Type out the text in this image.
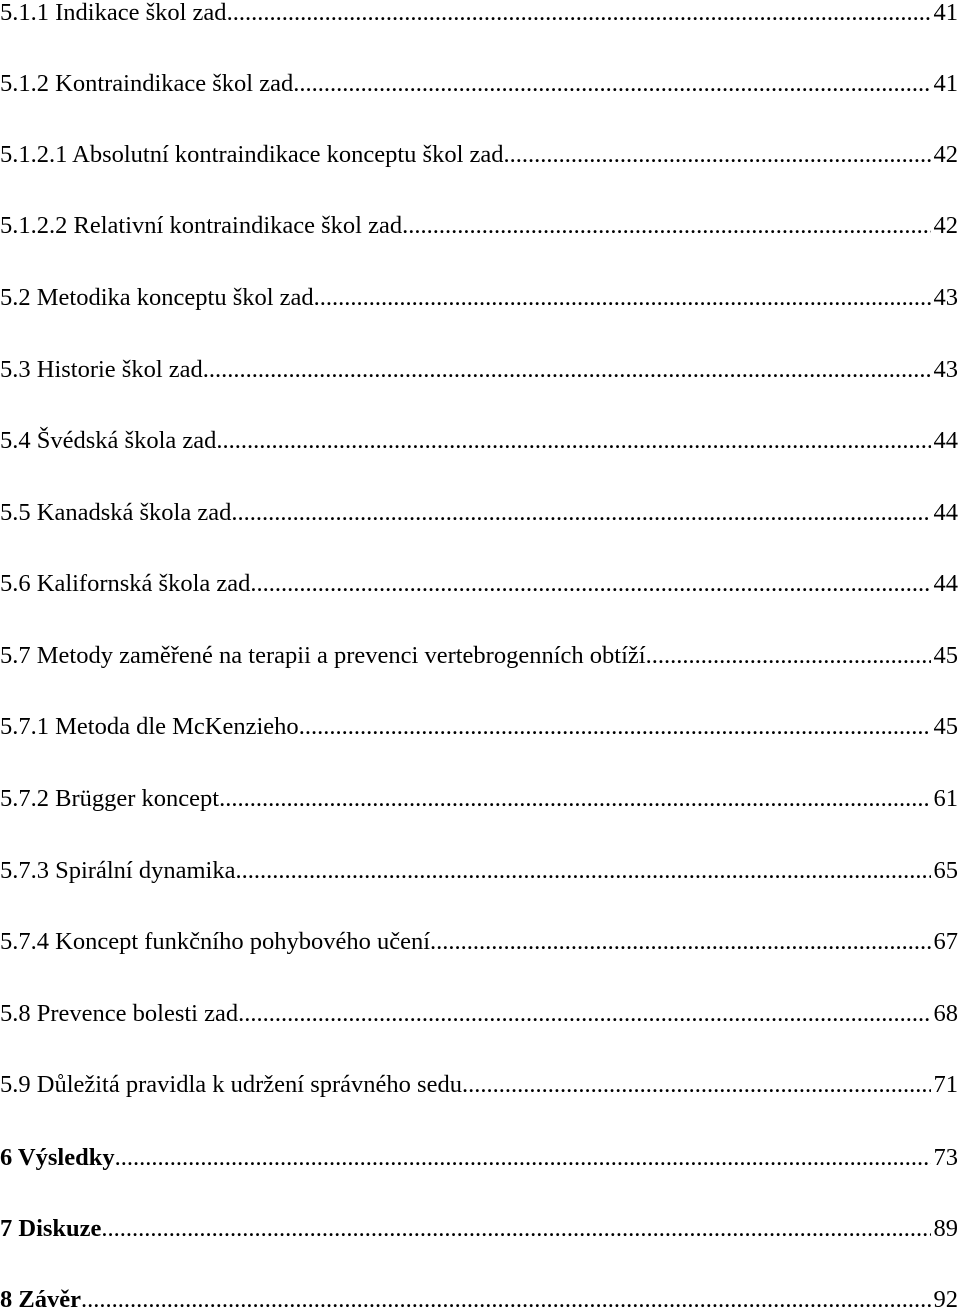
5.1.1 Indikace škol zad .....	41
5.1.2 Kontraindikace škol zad .....	41
5.1.2.1 Absolutní kontraindikace konceptu škol zad .....	42
5.1.2.2 Relativní kontraindikace škol zad .....	42
5.2 Metodika konceptu škol zad .....	43
5.3 Historie škol zad .....	43
5.4 Švédská škola zad .....	44
5.5 Kanadská škola zad .....	44
5.6 Kalifornská škola zad .....	44
5.7 Metody zaměřené na terapii a prevenci vertebrogenních obtíží .....	45
5.7.1 Metoda dle McKenzieho .....	45
5.7.2 Brügger koncept .....	61
5.7.3 Spirální dynamika .....	65
5.7.4 Koncept funkčního pohybového učení .....	67
5.8 Prevence bolesti zad .....	68
5.9 Důležitá pravidla k udržení správného sedu .....	71
6 Výsledky .....	73
7 Diskuze .....	89
8 Závěr .....	92
